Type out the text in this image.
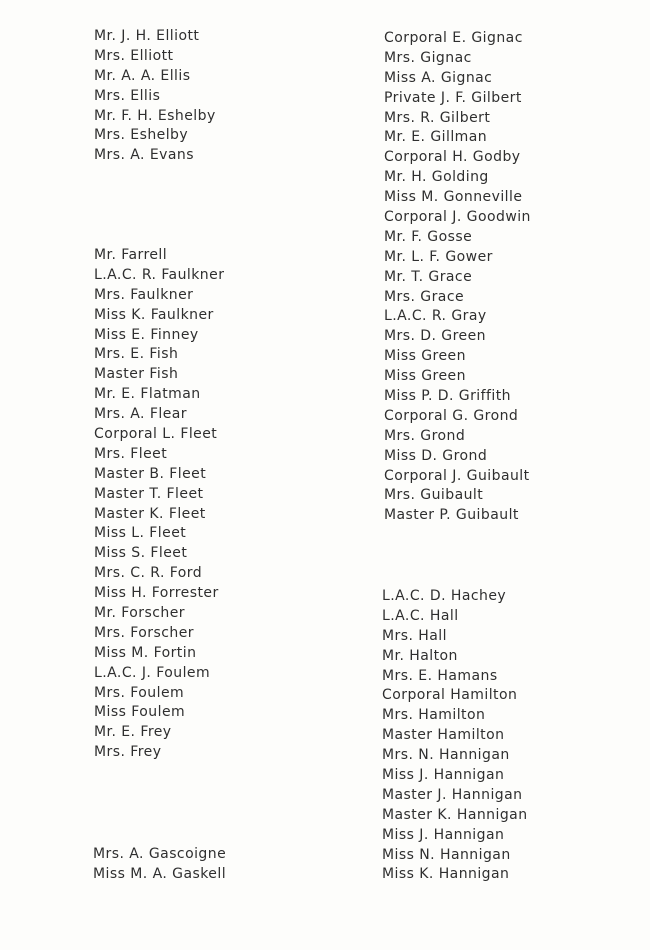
Mr. J. H. Elliott
Mrs. Elliott
Mr. A. A. Ellis
Mrs. Ellis
Mr. F. H. Eshelby
Mrs. Eshelby
Mrs. A. Evans
Mr. Farrell
L.A.C. R. Faulkner
Mrs. Faulkner
Miss K. Faulkner
Miss E. Finney
Mrs. E. Fish
Master Fish
Mr. E. Flatman
Mrs. A. Flear
Corporal L. Fleet
Mrs. Fleet
Master B. Fleet
Master T. Fleet
Master K. Fleet
Miss L. Fleet
Miss S. Fleet
Mrs. C. R. Ford
Miss H. Forrester
Mr. Forscher
Mrs. Forscher
Miss M. Fortin
L.A.C. J. Foulem
Mrs. Foulem
Miss Foulem
Mr. E. Frey
Mrs. Frey
Mrs. A. Gascoigne
Miss M. A. Gaskell
Corporal E. Gignac
Mrs. Gignac
Miss A. Gignac
Private J. F. Gilbert
Mrs. R. Gilbert
Mr. E. Gillman
Corporal H. Godby
Mr. H. Golding
Miss M. Gonneville
Corporal J. Goodwin
Mr. F. Gosse
Mr. L. F. Gower
Mr. T. Grace
Mrs. Grace
L.A.C. R. Gray
Mrs. D. Green
Miss Green
Miss Green
Miss P. D. Griffith
Corporal G. Grond
Mrs. Grond
Miss D. Grond
Corporal J. Guibault
Mrs. Guibault
Master P. Guibault
L.A.C. D. Hachey
L.A.C. Hall
Mrs. Hall
Mr. Halton
Mrs. E. Hamans
Corporal Hamilton
Mrs. Hamilton
Master Hamilton
Mrs. N. Hannigan
Miss J. Hannigan
Master J. Hannigan
Master K. Hannigan
Miss J. Hannigan
Miss N. Hannigan
Miss K. Hannigan
